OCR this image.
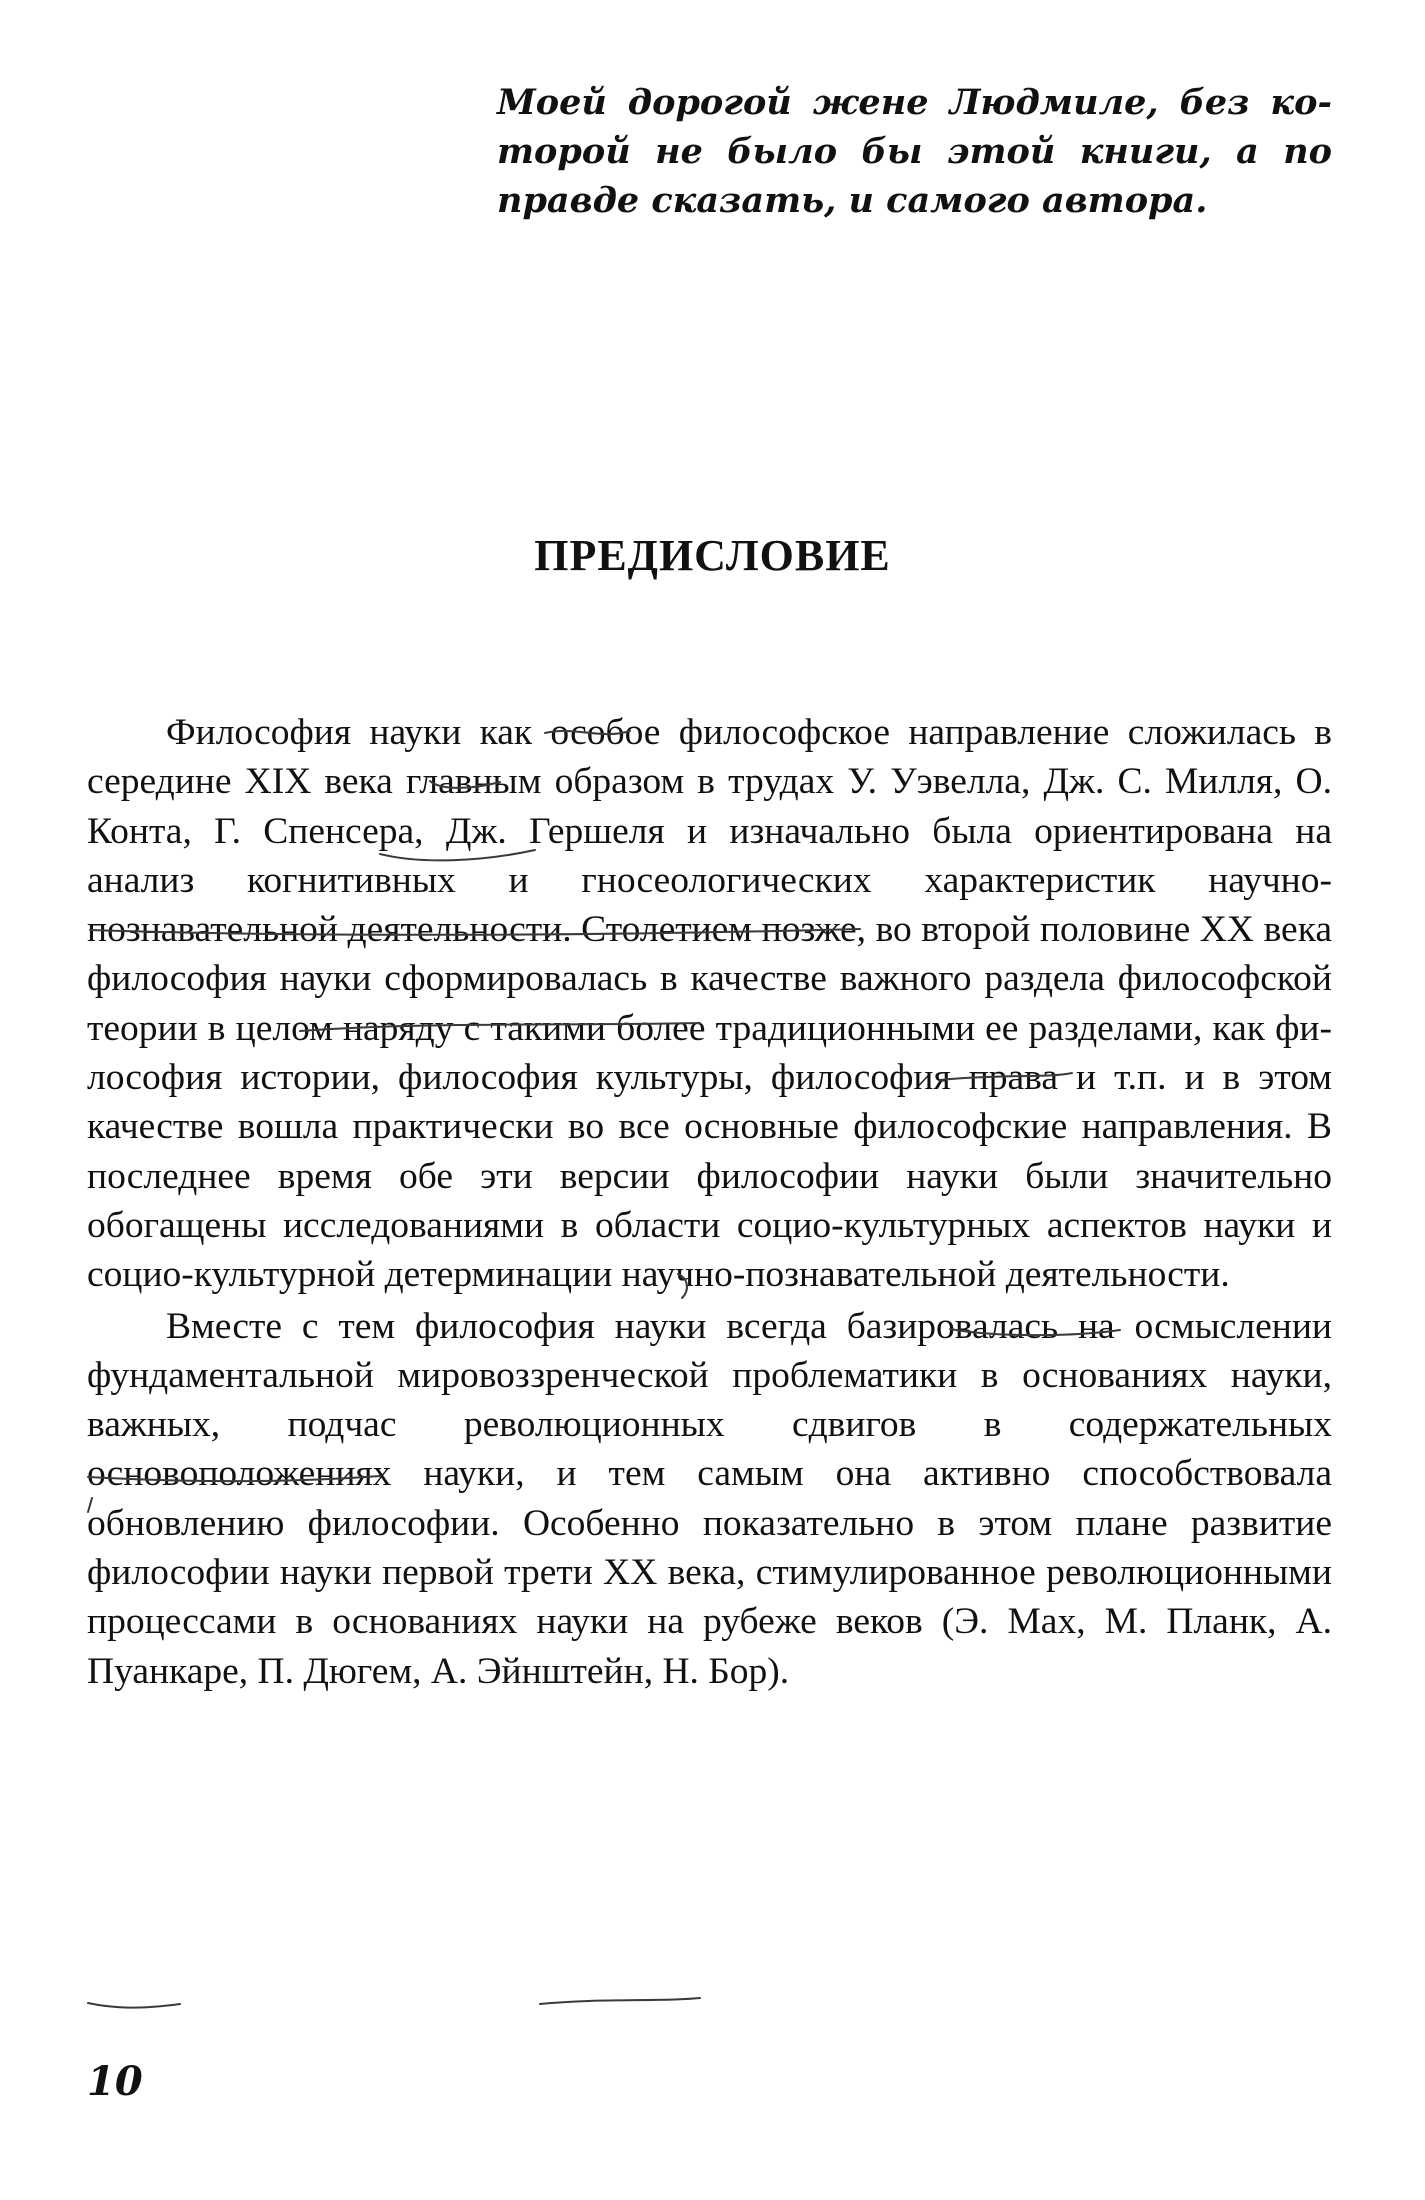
Моей дорогой жене Людмиле, без которой не было бы этой книги, а по правде сказать, и самого автора.

ПРЕДИСЛОВИЕ

Философия науки как особое философское направление сложилась в середине XIX века главным образом в трудах У. Уэвелла, Дж. С. Милля, О. Конта, Г. Спенсера, Дж. Гершеля и изначально была ориентирована на анализ когнитивных и гносеологических характеристик научно-познавательной деятельности. Столетием позже, во второй половине XX века философия науки сформировалась в качестве важного раздела философской теории в целом наряду с такими более традиционными ее разделами, как философия истории, философия культуры, философия права и т.п. и в этом качестве вошла практически во все основные философские направления. В последнее время обе эти версии философии науки были значительно обогащены исследованиями в области социо-культурных аспектов науки и социо-культурной детерминации научно-познавательной деятельности.

Вместе с тем философия науки всегда базировалась на осмыслении фундаментальной мировоззренческой проблематики в основаниях науки, важных, подчас революционных сдвигов в содержательных основоположениях науки, и тем самым она активно способствовала обновлению философии. Особенно показательно в этом плане развитие философии науки первой трети XX века, стимулированное революционными процессами в основаниях науки на рубеже веков (Э. Мах, М. Планк, А. Пуанкаре, П. Дюгем, А. Эйнштейн, Н. Бор).

10
